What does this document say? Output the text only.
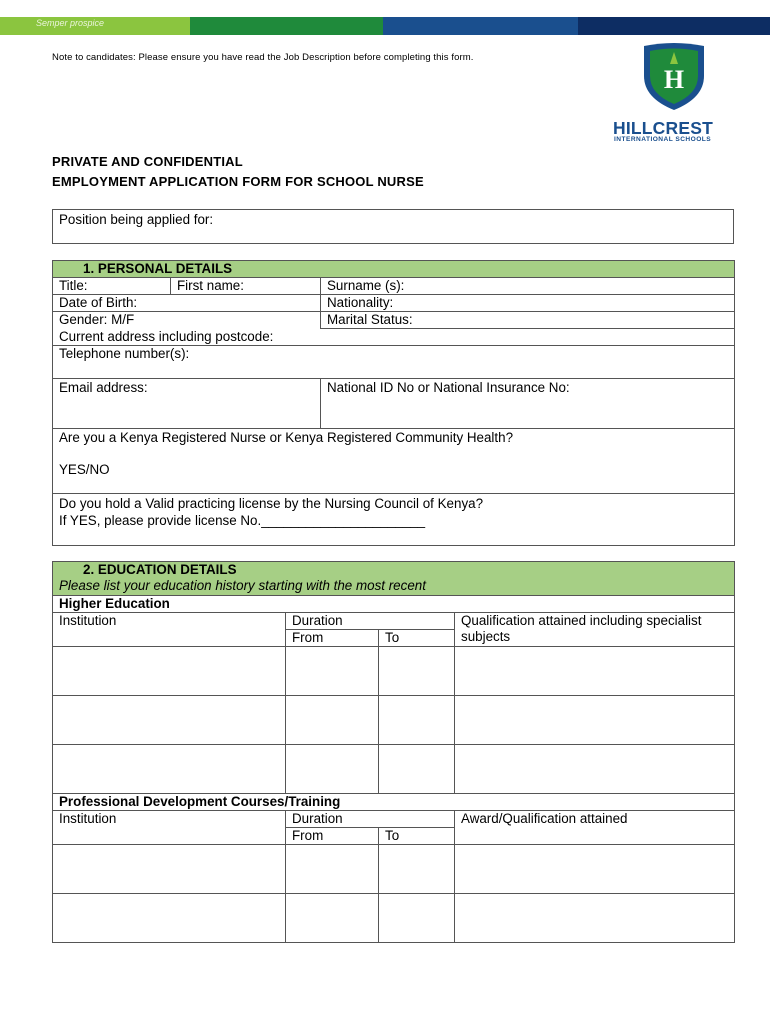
Semper prospice
Note to candidates: Please ensure you have read the Job Description before completing this form.
H
HILLCREST
INTERNATIONAL SCHOOLS
PRIVATE AND CONFIDENTIAL
EMPLOYMENT APPLICATION FORM FOR SCHOOL NURSE
Position being applied for:
1. PERSONAL DETAILS		
Title:	First name:	Surname (s):
Date of Birth:		Nationality:
Gender: M/F		Marital Status:
Current address including postcode:		
Telephone number(s):		
Email address:		National ID No or National Insurance No:
Are you a Kenya Registered Nurse or Kenya Registered Community Health?
YES/NO		

Do you hold a Valid practicing license by the Nursing Council of Kenya?
If YES, please provide license No.______________________		
2. EDUCATION DETAILS
Please list your education history starting with the most recent			

Higher Education			
Institution	Duration		Qualification attained including specialist subjects
	From	To	

Professional Development Courses/Training			
Institution	Duration		Award/Qualification attained
	From	To	
